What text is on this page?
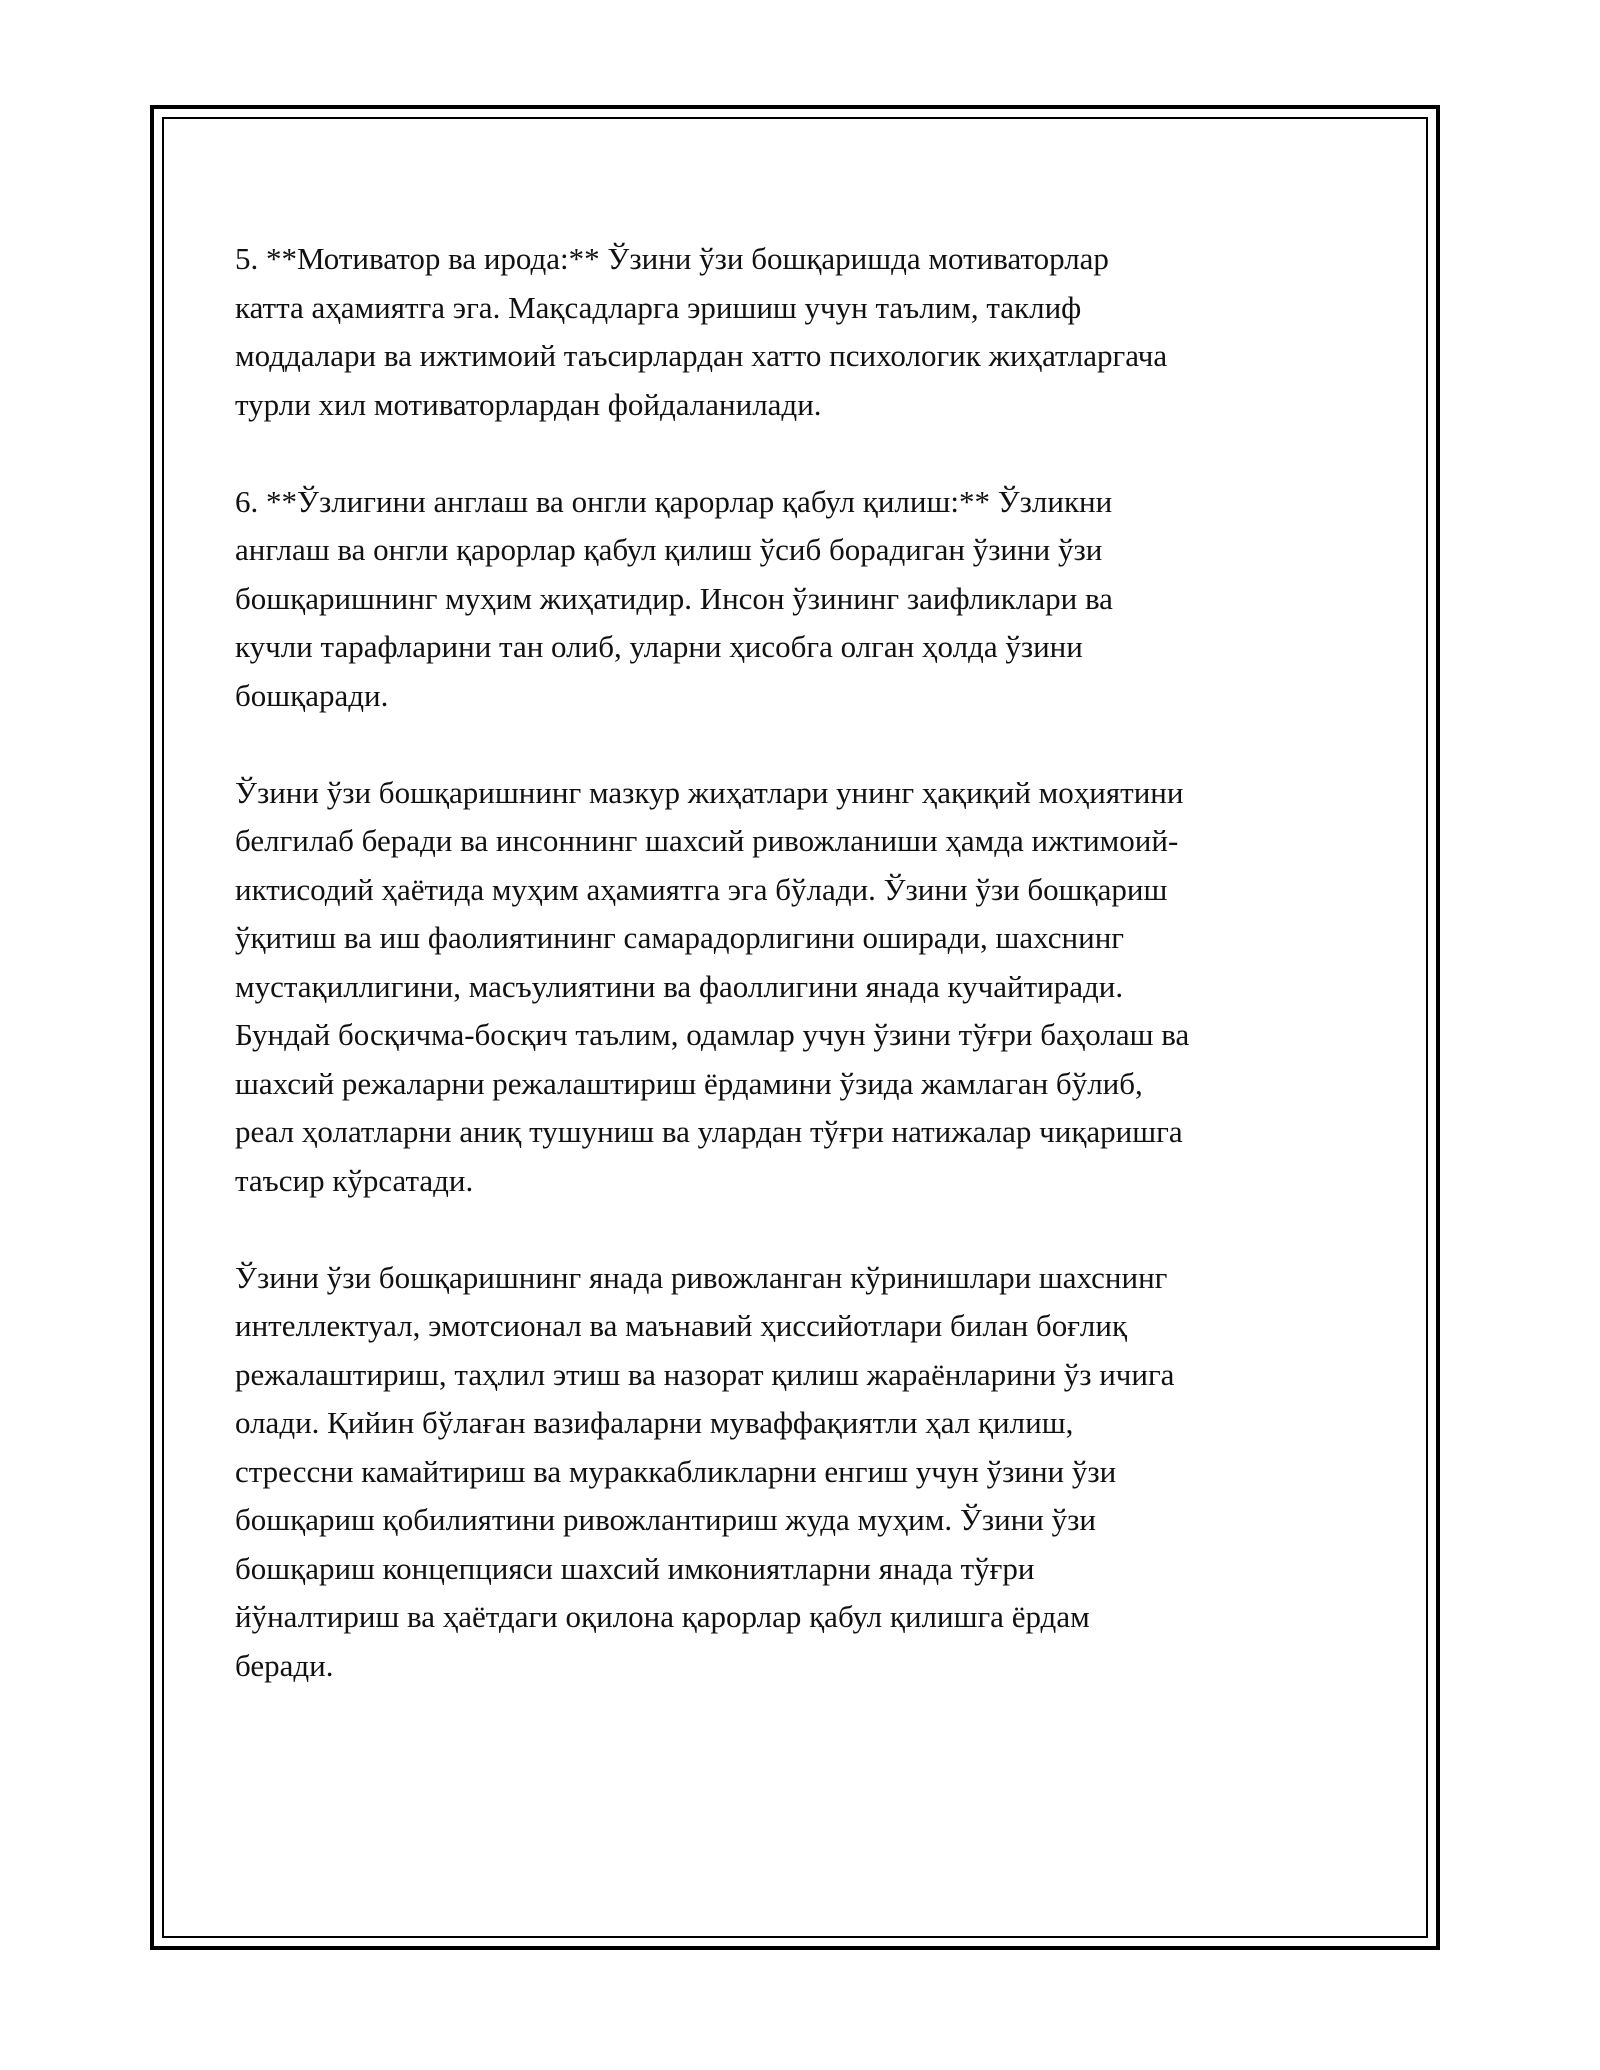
5. **Мотиватор ва ирода:** Ўзини ўзи бошқаришда мотиваторлар
катта аҳамиятга эга. Мақсадларга эришиш учун таълим, таклиф
моддалари ва ижтимоий таъсирлардан хатто психологик жиҳатларгача
турли хил мотиваторлардан фойдаланилади.

6. **Ўзлигини англаш ва онгли қарорлар қабул қилиш:** Ўзликни
англаш ва онгли қарорлар қабул қилиш ўсиб борадиган ўзини ўзи
бошқаришнинг муҳим жиҳатидир. Инсон ўзининг заифликлари ва
кучли тарафларини тан олиб, уларни ҳисобга олган ҳолда ўзини
бошқаради.

Ўзини ўзи бошқаришнинг мазкур жиҳатлари унинг ҳақиқий моҳиятини
белгилаб беради ва инсоннинг шахсий ривожланиши ҳамда ижтимоий-
иктисодий ҳаётида муҳим аҳамиятга эга бўлади. Ўзини ўзи бошқариш
ўқитиш ва иш фаолиятининг самарадорлигини оширади, шахснинг
мустақиллигини, масъулиятини ва фаоллигини янада кучайтиради.
Бундай босқичма-босқич таълим, одамлар учун ўзини тўғри баҳолаш ва
шахсий режаларни режалаштириш ёрдамини ўзида жамлаган бўлиб,
реал ҳолатларни аниқ тушуниш ва улардан тўғри натижалар чиқаришга
таъсир кўрсатади.

Ўзини ўзи бошқаришнинг янада ривожланган кўринишлари шахснинг
интеллектуал, эмотсионал ва маънавий ҳиссийотлари билан боғлиқ
режалаштириш, таҳлил этиш ва назорат қилиш жараёнларини ўз ичига
олади. Қийин бўлаған вазифаларни муваффақиятли ҳал қилиш,
стрессни камайтириш ва мураккабликларни енгиш учун ўзини ўзи
бошқариш қобилиятини ривожлантириш жуда муҳим. Ўзини ўзи
бошқариш концепцияси шахсий имкониятларни янада тўғри
йўналтириш ва ҳаётдаги оқилона қарорлар қабул қилишга ёрдам
беради.
